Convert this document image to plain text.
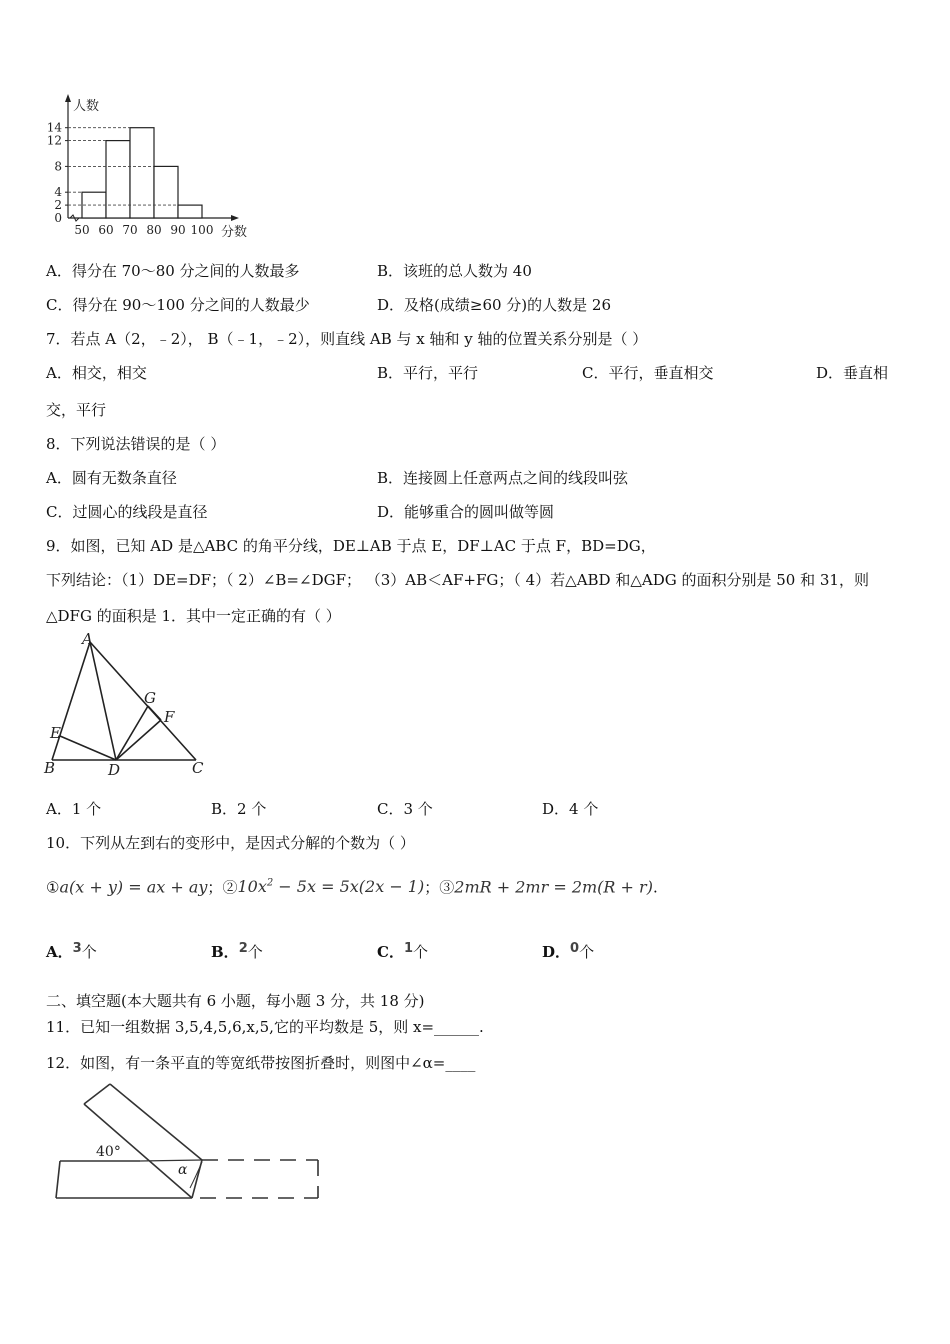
14
12
8
4
2
0
50 60 70 80 90 100
人数
分数
A．得分在 70～80 分之间的人数最多	B．该班的总人数为 40
C．得分在 90～100 分之间的人数最少	D．及格(成绩≥60 分)的人数是 26
7．若点 A（2，﹣2）， B（﹣1，﹣2），则直线 AB 与 x 轴和 y 轴的位置关系分别是（ ）
A．相交，相交	B．平行，平行	C．平行，垂直相交	D．垂直相
交，平行
8．下列说法错误的是（ ）
A．圆有无数条直径	B．连接圆上任意两点之间的线段叫弦
C．过圆心的线段是直径	D．能够重合的圆叫做等圆
9．如图，已知 AD 是△ABC 的角平分线，DE⊥AB 于点 E，DF⊥AC 于点 F，BD=DG，
下列结论：（1）DE=DF；（ 2）∠B=∠DGF； （3）AB＜AF+FG；（ 4）若△ABD 和△ADG 的面积分别是 50 和 31，则
△DFG 的面积是 1．其中一定正确的有（ ）
A
B	C
D
E
F
G
A．1 个	B．2 个	C．3 个	D．4 个
10．下列从左到右的变形中，是因式分解的个数为（ ）
①a(x + y) = ax + ay；$②10x^2 - 5x = 5x(2x - 1)$；③2mR + 2mr = 2m(R + r).
A．3个	B．2个	C．1个	D．0个
二、填空题(本大题共有 6 小题，每小题 3 分，共 18 分)
11．已知一组数据 3,5,4,5,6,x,5,它的平均数是 5，则 x=______.
12．如图，有一条平直的等宽纸带按图折叠时，则图中∠α=____
40°
α
